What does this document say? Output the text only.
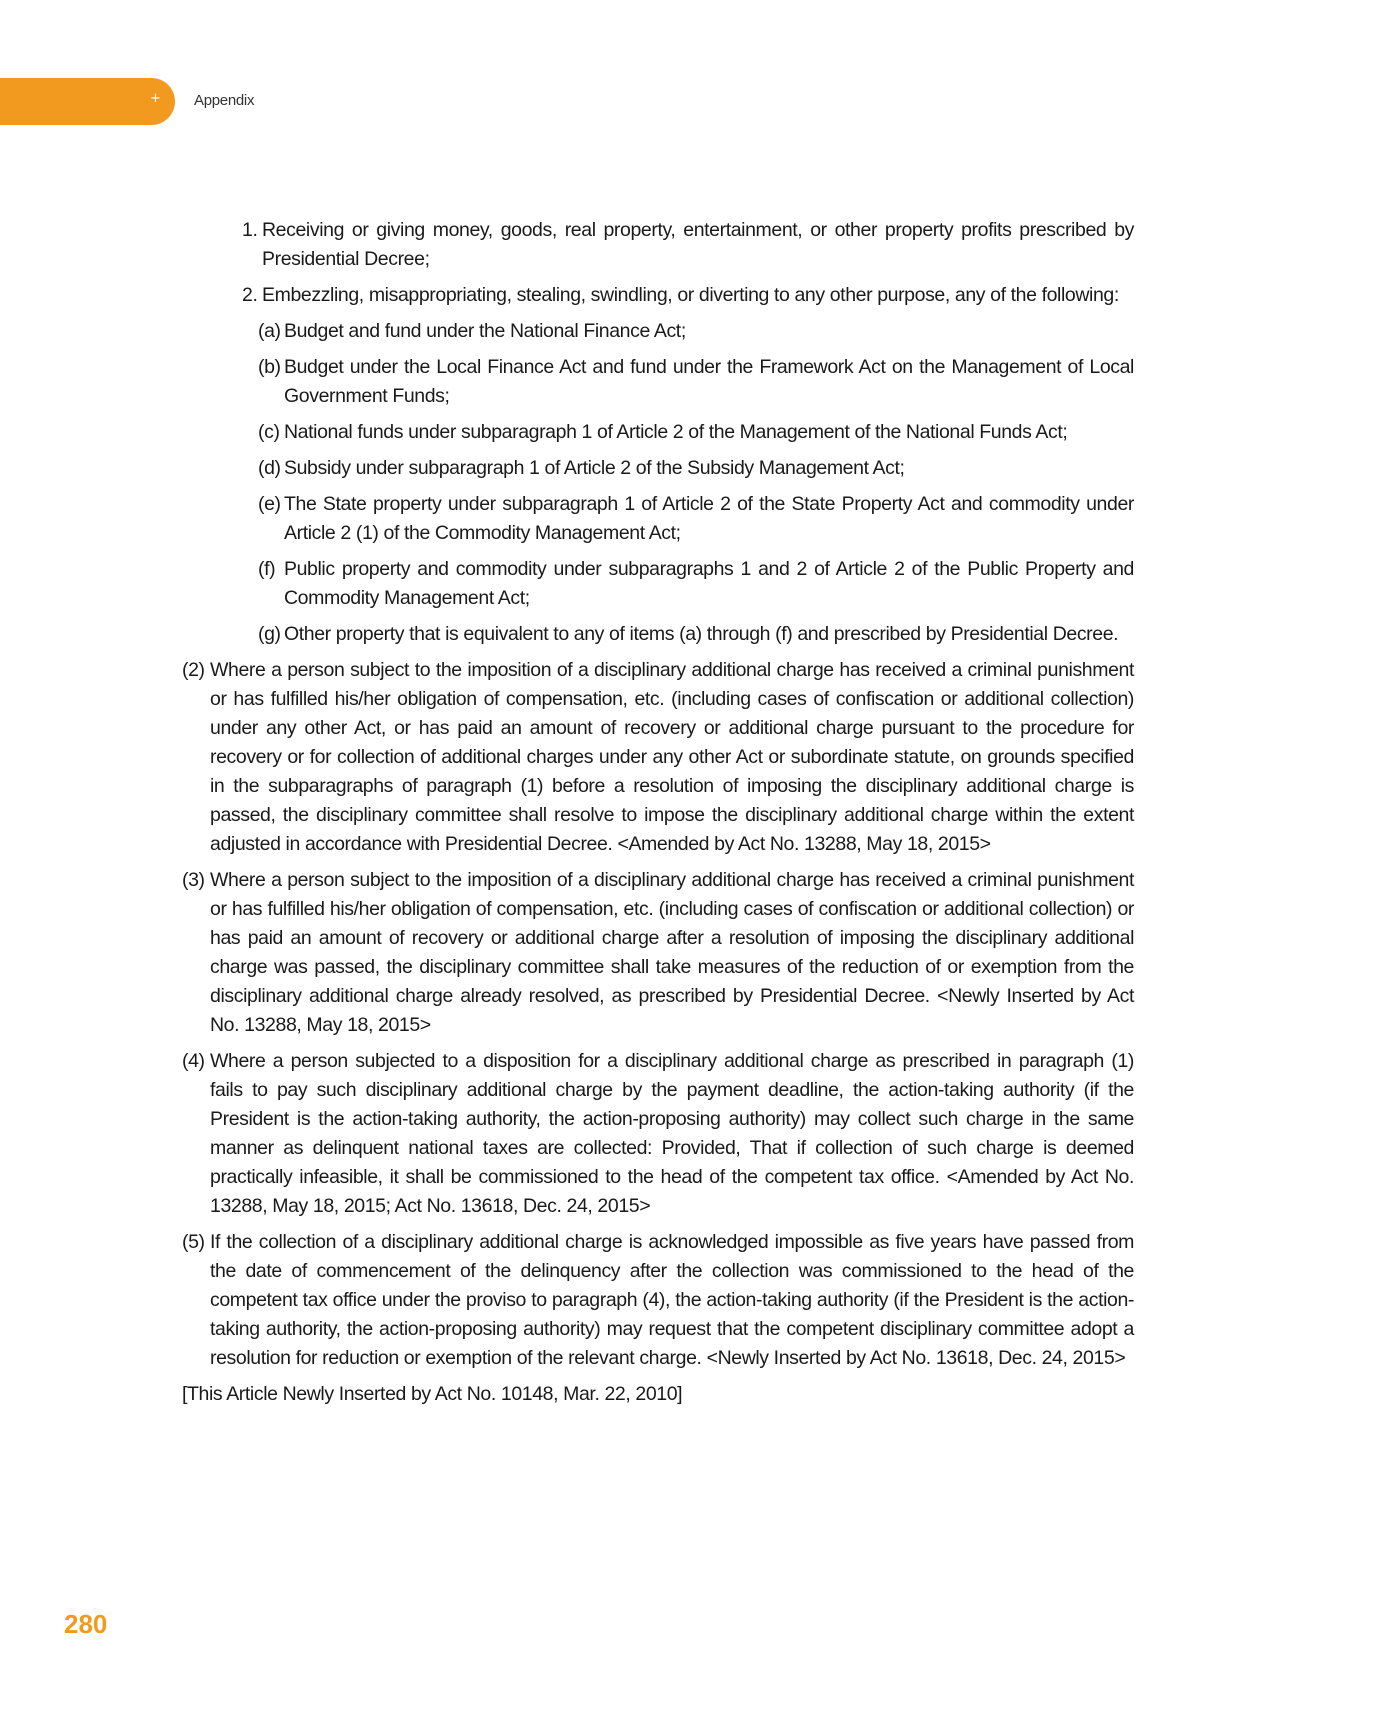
+ Appendix
1. Receiving or giving money, goods, real property, entertainment, or other property profits prescribed by Presidential Decree;
2. Embezzling, misappropriating, stealing, swindling, or diverting to any other purpose, any of the following:
(a) Budget and fund under the National Finance Act;
(b) Budget under the Local Finance Act and fund under the Framework Act on the Management of Local Government Funds;
(c) National funds under subparagraph 1 of Article 2 of the Management of the National Funds Act;
(d) Subsidy under subparagraph 1 of Article 2 of the Subsidy Management Act;
(e) The State property under subparagraph 1 of Article 2 of the State Property Act and commodity under Article 2 (1) of the Commodity Management Act;
(f) Public property and commodity under subparagraphs 1 and 2 of Article 2 of the Public Property and Commodity Management Act;
(g) Other property that is equivalent to any of items (a) through (f) and prescribed by Presidential Decree.
(2) Where a person subject to the imposition of a disciplinary additional charge has received a criminal punishment or has fulfilled his/her obligation of compensation, etc. (including cases of confiscation or additional collection) under any other Act, or has paid an amount of recovery or additional charge pursuant to the procedure for recovery or for collection of additional charges under any other Act or subordinate statute, on grounds specified in the subparagraphs of paragraph (1) before a resolution of imposing the disciplinary additional charge is passed, the disciplinary committee shall resolve to impose the disciplinary additional charge within the extent adjusted in accordance with Presidential Decree. <Amended by Act No. 13288, May 18, 2015>
(3) Where a person subject to the imposition of a disciplinary additional charge has received a criminal punishment or has fulfilled his/her obligation of compensation, etc. (including cases of confiscation or additional collection) or has paid an amount of recovery or additional charge after a resolution of imposing the disciplinary additional charge was passed, the disciplinary committee shall take measures of the reduction of or exemption from the disciplinary additional charge already resolved, as prescribed by Presidential Decree. <Newly Inserted by Act No. 13288, May 18, 2015>
(4) Where a person subjected to a disposition for a disciplinary additional charge as prescribed in paragraph (1) fails to pay such disciplinary additional charge by the payment deadline, the action-taking authority (if the President is the action-taking authority, the action-proposing authority) may collect such charge in the same manner as delinquent national taxes are collected: Provided, That if collection of such charge is deemed practically infeasible, it shall be commissioned to the head of the competent tax office. <Amended by Act No. 13288, May 18, 2015; Act No. 13618, Dec. 24, 2015>
(5) If the collection of a disciplinary additional charge is acknowledged impossible as five years have passed from the date of commencement of the delinquency after the collection was commissioned to the head of the competent tax office under the proviso to paragraph (4), the action-taking authority (if the President is the action-taking authority, the action-proposing authority) may request that the competent disciplinary committee adopt a resolution for reduction or exemption of the relevant charge. <Newly Inserted by Act No. 13618, Dec. 24, 2015>
[This Article Newly Inserted by Act No. 10148, Mar. 22, 2010]
280
